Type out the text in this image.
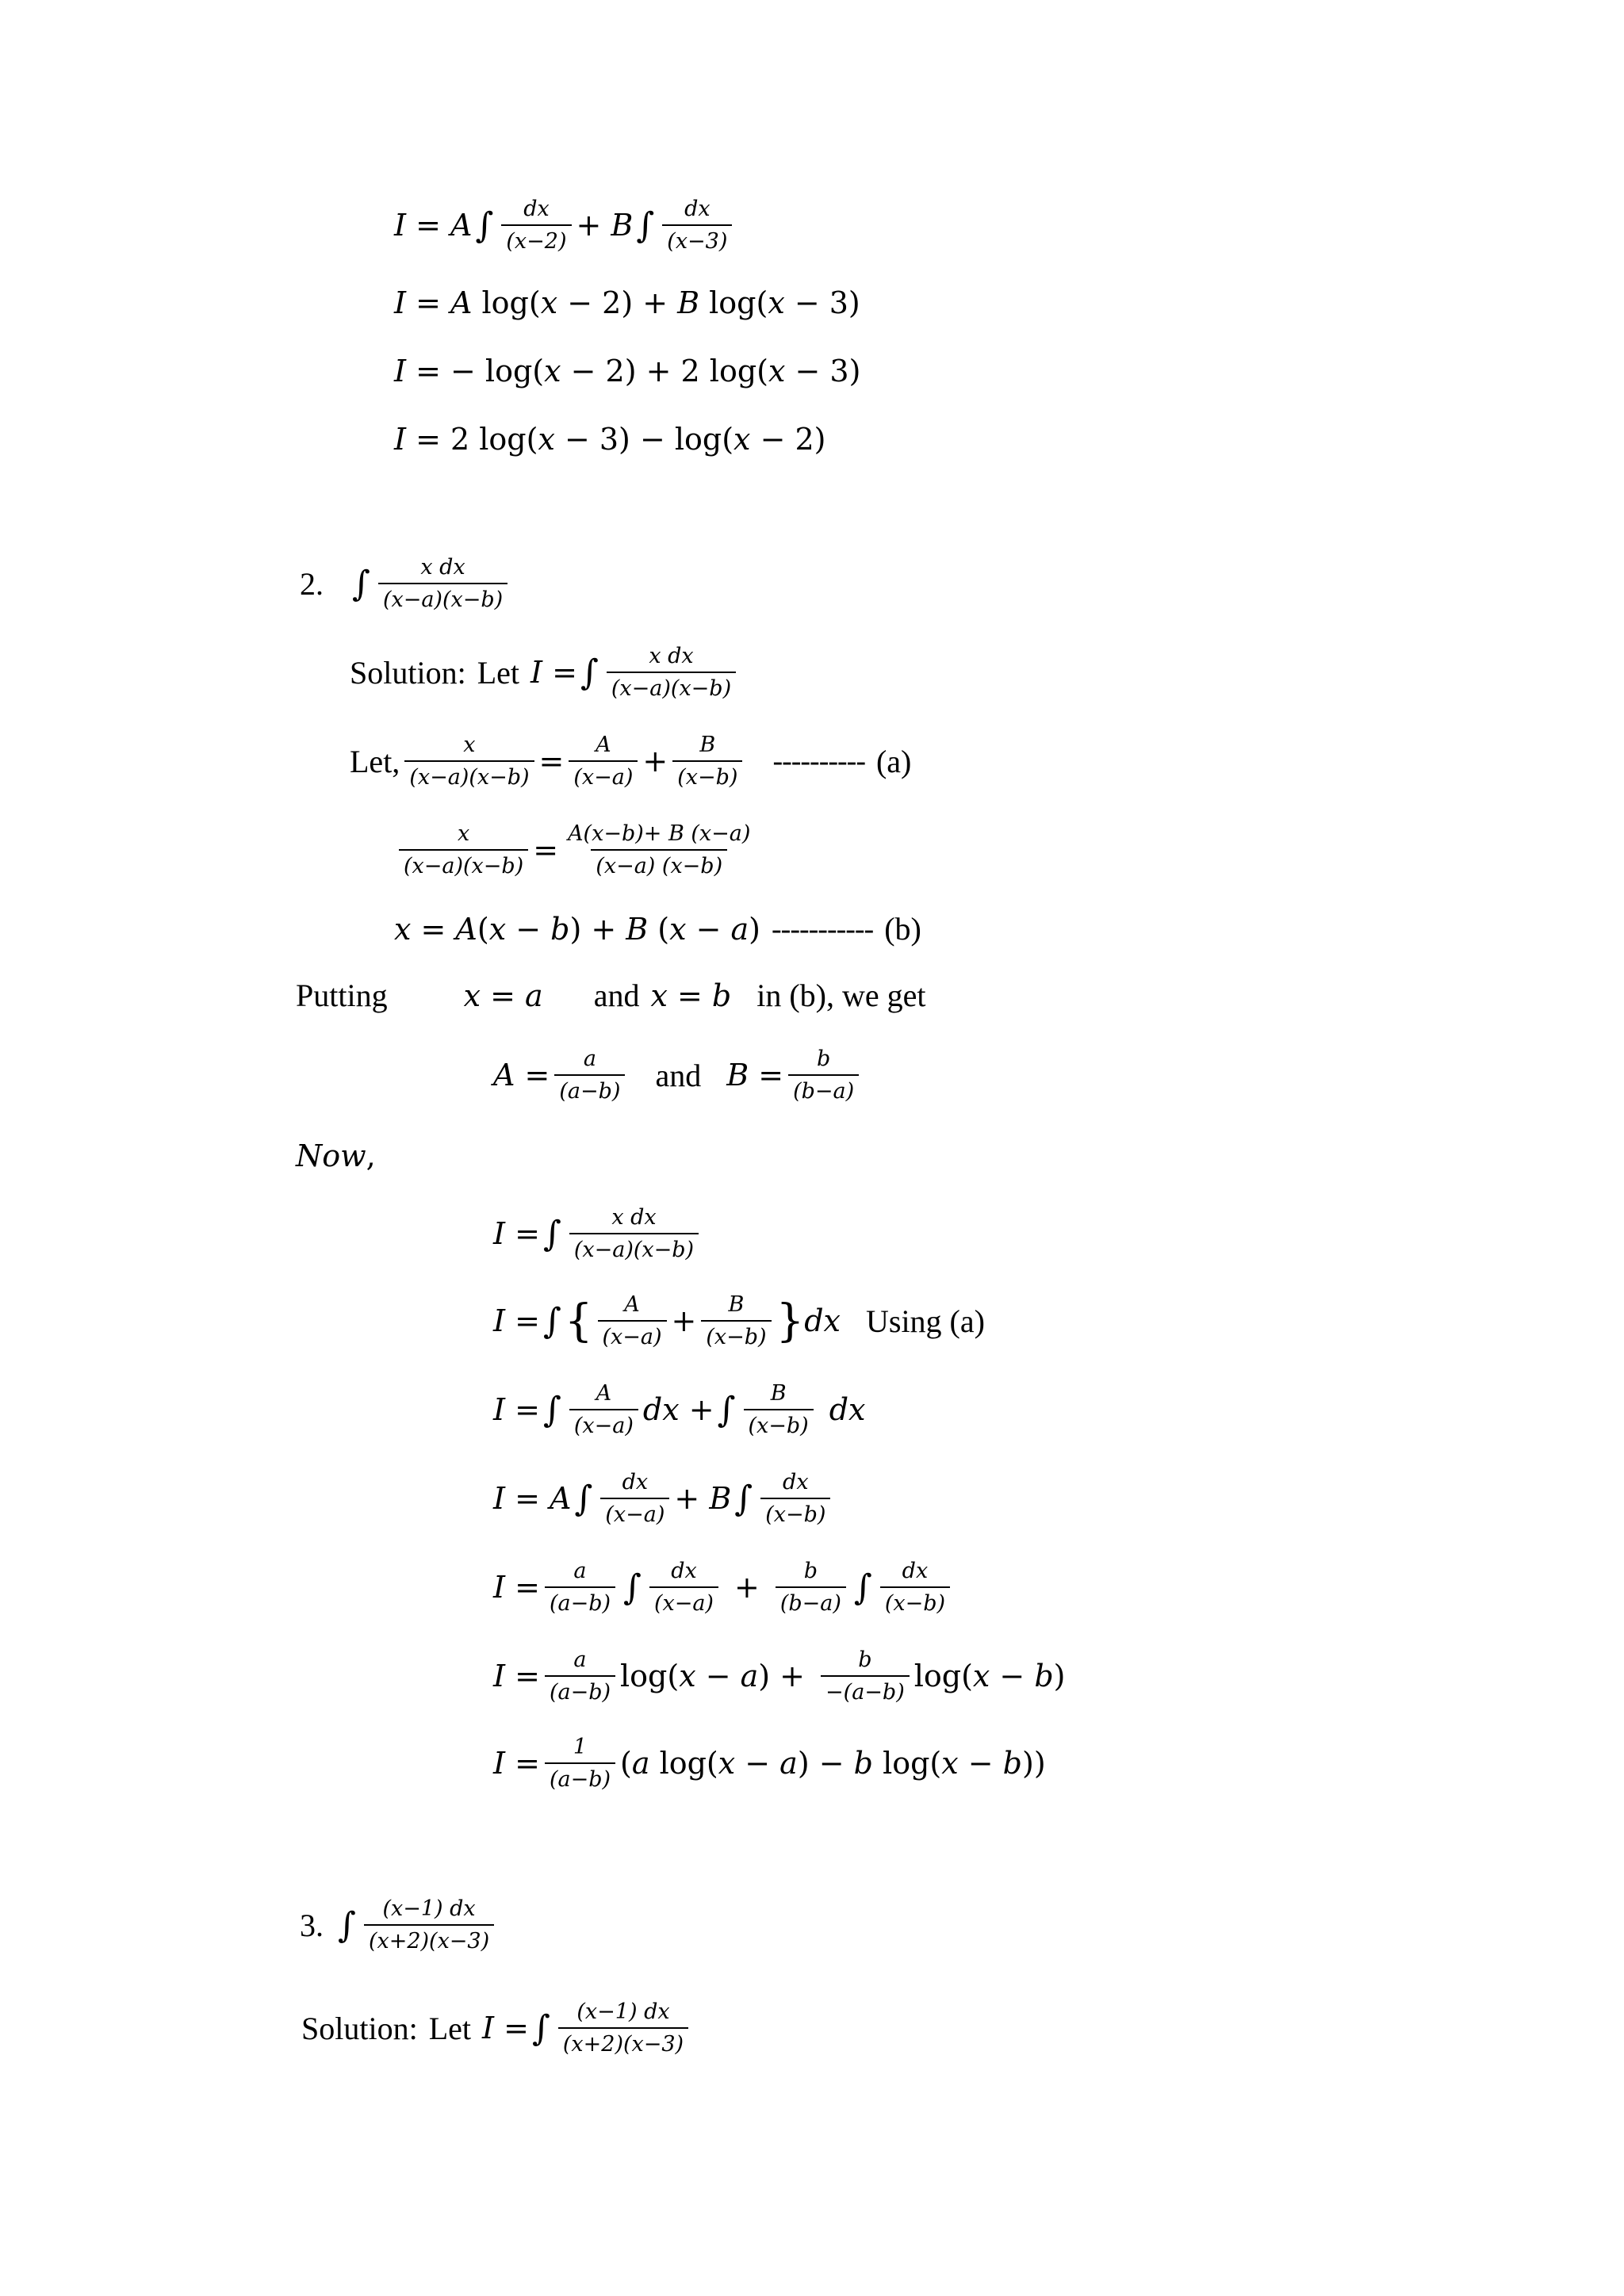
𝐼 = 𝐴∫ $\frac{\text{𝑑𝑥}}{\text{(𝑥−2)}}$ + 𝐵∫ $\frac{\text{𝑑𝑥}}{\text{(𝑥−3)}}$
𝐼 = 𝐴 log(𝑥 − 2) + 𝐵 log(𝑥 − 3)
𝐼 = − log(𝑥 − 2) + 2 log(𝑥 − 3)
𝐼 = 2 log(𝑥 − 3) − log(𝑥 − 2)
2. ∫ $\frac{\text{𝑥 𝑑𝑥}}{\text{(𝑥−𝑎)(𝑥−𝑏)}}$
Solution: Let 𝐼 =∫ $\frac{\text{𝑥 𝑑𝑥}}{\text{(𝑥−𝑎)(𝑥−𝑏)}}$
Let, $\frac{\text{𝑥}}{\text{(𝑥−𝑎)(𝑥−𝑏)}} = \frac{\text{𝐴}}{\text{(𝑥−𝑎)}} + \frac{\text{𝐵}}{\text{(𝑥−𝑏)}}$ ---------- (a)
$\frac{\text{𝑥}}{\text{(𝑥−𝑎)(𝑥−𝑏)}} = \frac{\text{𝐴(𝑥−𝑏)+ 𝐵 (𝑥−𝑎)}}{\text{(𝑥−𝑎) (𝑥−𝑏)}}$
𝑥 = 𝐴(𝑥 − 𝑏) + 𝐵 (𝑥 − 𝑎) ----------- (b)
Putting	𝑥 = 𝑎 and 𝑥 = 𝑏 in (b), we get
𝐴 = $\frac{\text{𝑎}}{\text{(𝑎−𝑏)}}$ and 𝐵 = $\frac{\text{𝑏}}{\text{(𝑏−𝑎)}}$
𝑁𝑜𝑤,
𝐼 =∫ $\frac{\text{𝑥 𝑑𝑥}}{\text{(𝑥−𝑎)(𝑥−𝑏)}}$
𝐼 =∫{ $\frac{\text{𝐴}}{\text{(𝑥−𝑎)}} + \frac{\text{𝐵}}{\text{(𝑥−𝑏)}}$ }𝑑𝑥 Using (a)
𝐼 =∫ $\frac{\text{𝐴}}{\text{(𝑥−𝑎)}}$ 𝑑𝑥 +∫ $\frac{\text{𝐵}}{\text{(𝑥−𝑏)}}$ 𝑑𝑥
𝐼 = 𝐴∫ $\frac{\text{𝑑𝑥}}{\text{(𝑥−𝑎)}}$ + 𝐵∫ $\frac{\text{𝑑𝑥}}{\text{(𝑥−𝑏)}}$
𝐼 = $\frac{\text{𝑎}}{\text{(𝑎−𝑏)}}$ ∫ $\frac{\text{𝑑𝑥}}{\text{(𝑥−𝑎)}} + \frac{\text{𝑏}}{\text{(𝑏−𝑎)}}$ ∫ $\frac{\text{𝑑𝑥}}{\text{(𝑥−𝑏)}}$
𝐼 = $\frac{\text{𝑎}}{\text{(𝑎−𝑏)}}$ log(𝑥 − 𝑎) + $\frac{\text{𝑏}}{\text{−(𝑎−𝑏)}}$ log(𝑥 − 𝑏)
𝐼 = $\frac{1}{\text{(𝑎−𝑏)}}$ (𝑎 log(𝑥 − 𝑎) − 𝑏 log(𝑥 − 𝑏))
3. ∫ $\frac{\text{(𝑥−1) 𝑑𝑥}}{\text{(𝑥+2)(𝑥−3)}}$
Solution: Let 𝐼 =∫ $\frac{\text{(𝑥−1) 𝑑𝑥}}{\text{(𝑥+2)(𝑥−3)}}$
